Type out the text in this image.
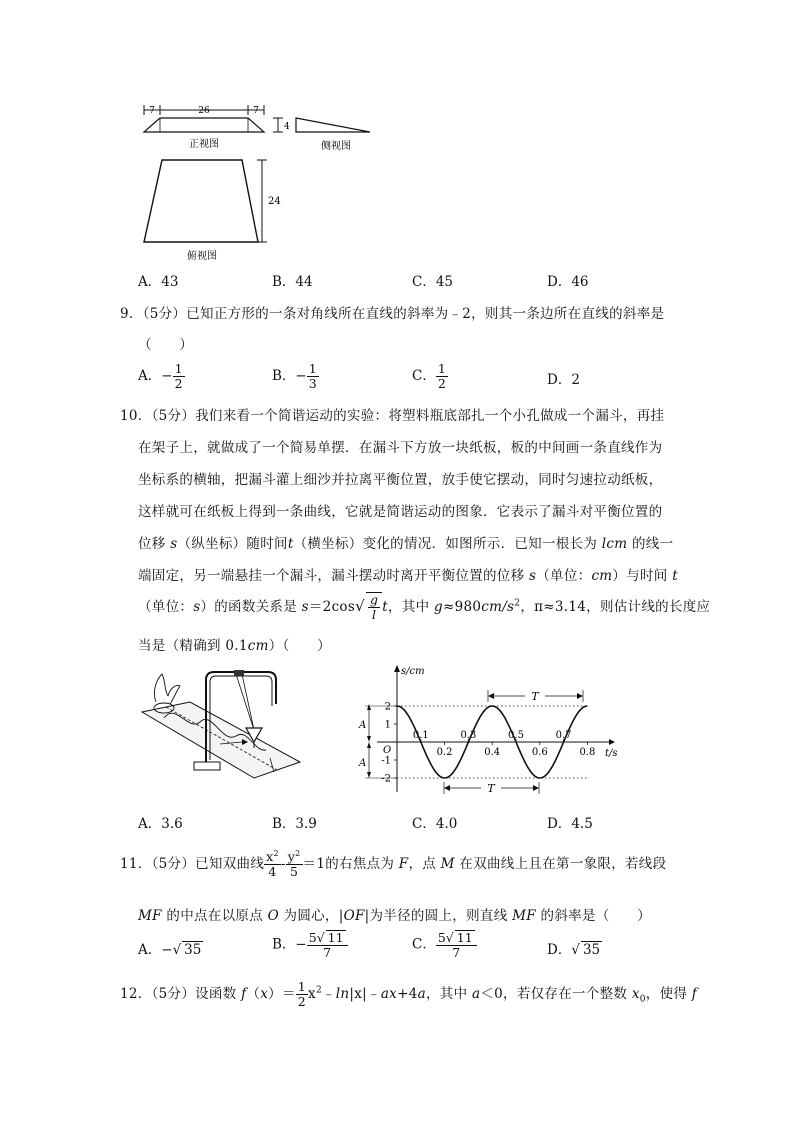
7	26	7
4
正视图	侧视图
24
俯视图
A．43	B．44	C．45	D．46
9．（5分）已知正方形的一条对角线所在直线的斜率为﹣2，则其一条边所在直线的斜率是
（　　）
A．− $\frac{1}{2}$	B．− $\frac{1}{3}$	C． $\frac{1}{2}$	D．2
10．（5分）我们来看一个简谐运动的实验：将塑料瓶底部扎一个小孔做成一个漏斗，再挂
在架子上，就做成了一个简易单摆．在漏斗下方放一块纸板，板的中间画一条直线作为
坐标系的横轴，把漏斗灌上细沙并拉离平衡位置，放手使它摆动，同时匀速拉动纸板，
这样就可在纸板上得到一条曲线，它就是简谐运动的图象．它表示了漏斗对平衡位置的
位移 s（纵坐标）随时间t（横坐标）变化的情况．如图所示．已知一根长为 lcm 的线一
端固定，另一端悬挂一个漏斗，漏斗摆动时离开平衡位置的位移 s（单位：cm）与时间 t
（单位：s）的函数关系是 $s=2\cos√ \frac{g}{l}$ t，其中 $g\approx 980cm/s^2$，π≈3.14，则估计线的长度应
当是（精确到 0.1cm）（　　）
s/cm
t/s
O
A
A
T
T
2
1
-1
-2
0.1	0.3	0.5	0.7
0.2	0.4	0.6	0.8
A．3.6	B．3.9	C．4.0	D．4.5
11．（5分）已知双曲线 $\frac{x^2}{4} - \frac{y^2}{5} =1$的右焦点为 F，点 M 在双曲线上且在第一象限，若线段
MF 的中点在以原点 O 为圆心，|OF|为半径的圆上，则直线 MF 的斜率是（　　）
A．−√ 35	B．− $\frac{5√ 11}{7}$	C． $\frac{5√ 11}{7}$	D．√ 35
12．（5分）设函数 $f(x)= \frac{1}{2}$ $x^2﹣\ln|x|﹣ax+4a$，其中 a＜0，若仅存在一个整数 $x_0$，使得 f
